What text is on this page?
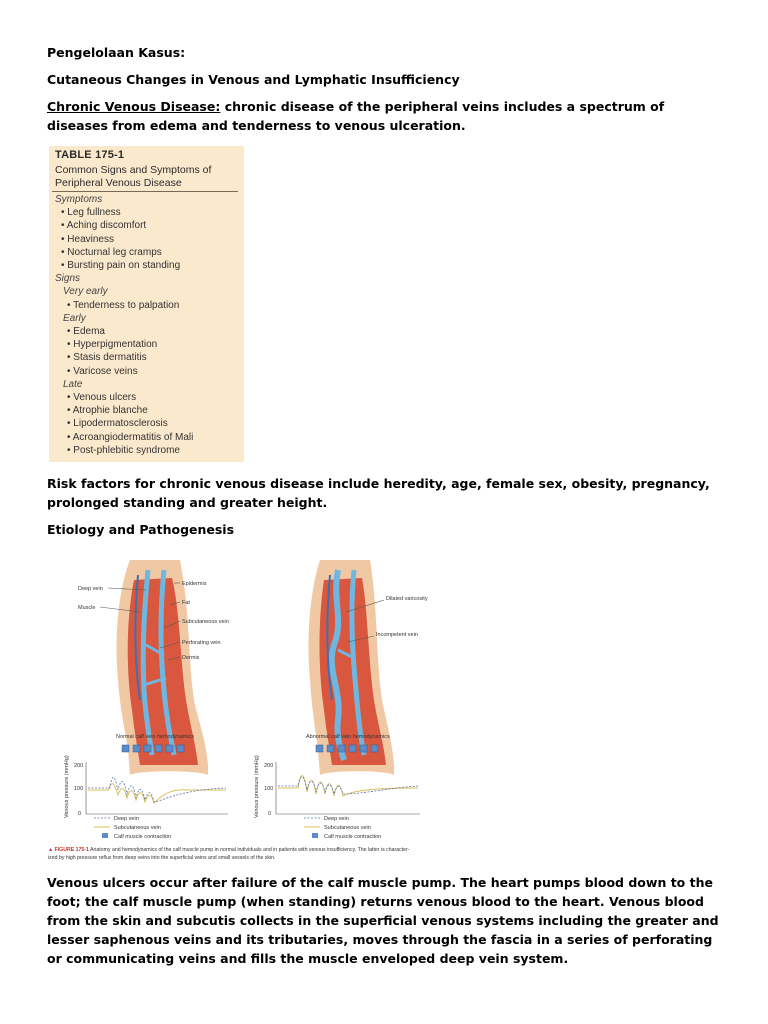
Pengelolaan Kasus:
Cutaneous Changes in Venous and Lymphatic Insufficiency
Chronic Venous Disease: chronic disease of the peripheral veins includes a spectrum of diseases from edema and tenderness to venous ulceration.
TABLE 175-1
Common Signs and Symptoms of
Peripheral Venous Disease
Symptoms
• Leg fullness
• Aching discomfort
• Heaviness
• Nocturnal leg cramps
• Bursting pain on standing
Signs
Very early
• Tenderness to palpation
Early
• Edema
• Hyperpigmentation
• Stasis dermatitis
• Varicose veins
Late
• Venous ulcers
• Atrophie blanche
• Lipodermatosclerosis
• Acroangiodermatitis of Mali
• Post-phlebitic syndrome
Risk factors for chronic venous disease include heredity, age, female sex, obesity, pregnancy, prolonged standing and greater height.
Etiology and Pathogenesis
Deep vein
Muscle
Epidermis
Fat
Subcutaneous vein
Perforating vein
Dermis
Dilated varicosity
Incompetent vein
Normal calf vein hemodynamics	Abnormal calf vein hemodynamics
200
100
0
Venous pressure (mmHg)	200
100
0
Venous pressure (mmHg)
Deep vein
Subcutaneous vein
Calf muscle contraction
Deep vein
Subcutaneous vein
Calf muscle contraction
▲ FIGURE 175-1 Anatomy and hemodynamics of the calf muscle pump in normal individuals and in patients with venous insufficiency. The latter is character-
ized by high pressure reflux from deep veins into the superficial veins and small vessels of the skin.
Venous ulcers occur after failure of the calf muscle pump. The heart pumps blood down to the foot; the calf muscle pump (when standing) returns venous blood to the heart. Venous blood from the skin and subcutis collects in the superficial venous systems including the greater and lesser saphenous veins and its tributaries, moves through the fascia in a series of perforating or communicating veins and fills the muscle enveloped deep vein system.
